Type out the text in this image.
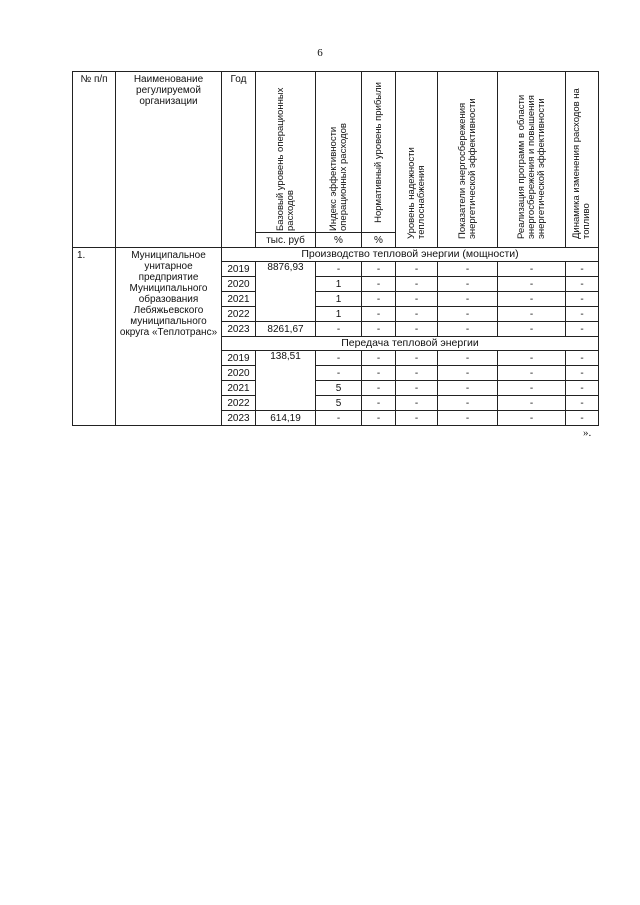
6
№ п/п	Наименование регулируемой организации	Год	Базовый уровень операционных расходов	Индекс эффективности операционных расходов	Нормативный уровень прибыли	Уровень надежности теплоснабжения	Показатели энергосбережения энергетической эффективности	Реализация программ в области энергосбережения и повышения энергетической эффективности	Динамика изменения расходов на топливо

			тыс. руб	%	%				
1.	Муниципальное унитарное предприятие Муниципального образования Лебяжьевского муниципального округа «Теплотранс»	Производство тепловой энергии (мощности)							
		2019	8876,93	-	-	-	-	-	-
		2020		1	-	-	-	-	-
		2021		1	-	-	-	-	-
		2022		1	-	-	-	-	-
		2023	8261,67	-	-	-	-	-	-
		Передача тепловой энергии							
		2019	138,51	-	-	-	-	-	-
		2020		-	-	-	-	-	-
		2021		5	-	-	-	-	-
		2022		5	-	-	-	-	-
		2023	614,19	-	-	-	-	-	-
».
